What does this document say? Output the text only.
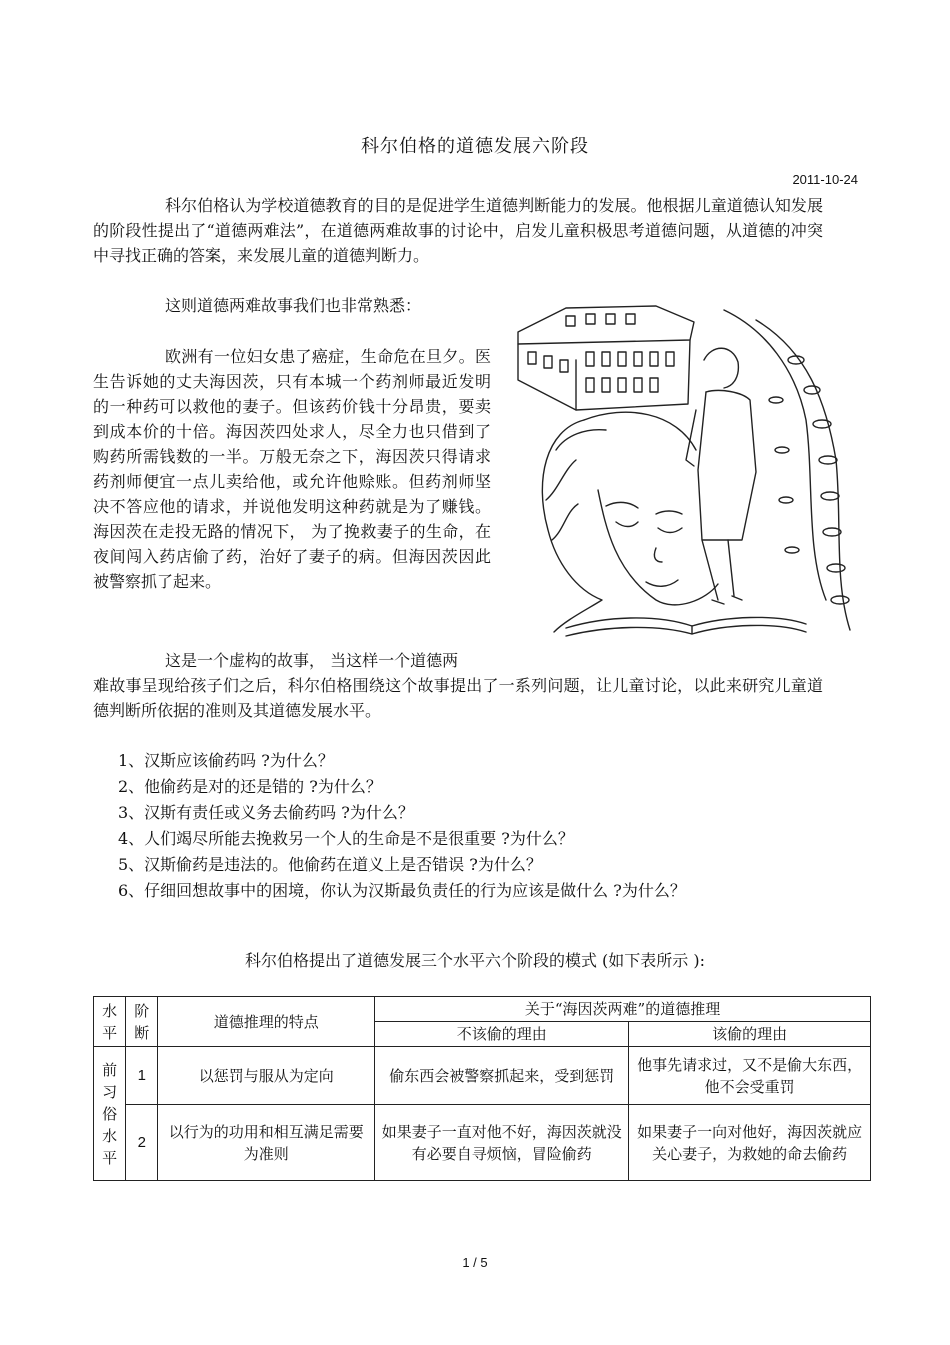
科尔伯格的道德发展六阶段
2011-10-24
科尔伯格认为学校道德教育的目的是促进学生道德判断能力的发展。他根据儿童道德认知发展的阶段性提出了“道德两难法”，在道德两难故事的讨论中，启发儿童积极思考道德问题，从道德的冲突中寻找正确的答案，来发展儿童的道德判断力。
这则道德两难故事我们也非常熟悉：
欧洲有一位妇女患了癌症，生命危在旦夕。医生告诉她的丈夫海因茨，只有本城一个药剂师最近发明的一种药可以救他的妻子。但该药价钱十分昂贵，要卖到成本价的十倍。海因茨四处求人，尽全力也只借到了购药所需钱数的一半。万般无奈之下，海因茨只得请求药剂师便宜一点儿卖给他，或允许他赊账。但药剂师坚决不答应他的请求，并说他发明这种药就是为了赚钱。海因茨在走投无路的情况下， 为了挽救妻子的生命，在夜间闯入药店偷了药，治好了妻子的病。但海因茨因此被警察抓了起来。
这是一个虚构的故事， 当这样一个道德两
难故事呈现给孩子们之后，科尔伯格围绕这个故事提出了一系列问题，让儿童讨论，以此来研究儿童道德判断所依据的准则及其道德发展水平。
1、汉斯应该偷药吗 ?为什么？
2、他偷药是对的还是错的 ?为什么？
3、汉斯有责任或义务去偷药吗 ?为什么？
4、人们竭尽所能去挽救另一个人的生命是不是很重要 ?为什么？
5、汉斯偷药是违法的。他偷药在道义上是否错误 ?为什么？
6、仔细回想故事中的困境，你认为汉斯最负责任的行为应该是做什么 ?为什么？
科尔伯格提出了道德发展三个水平六个阶段的模式 (如下表所示 ):
水平	阶断	道德推理的特点	关于“海因茨两难”的道德推理	
			不该偷的理由	该偷的理由
前习俗水平	1	以惩罚与服从为定向	偷东西会被警察抓起来，受到惩罚	他事先请求过，又不是偷大东西，他不会受重罚
	2	以行为的功用和相互满足需要为准则	如果妻子一直对他不好，海因茨就没有必要自寻烦恼，冒险偷药	如果妻子一向对他好，海因茨就应关心妻子，为救她的命去偷药
1 / 5
